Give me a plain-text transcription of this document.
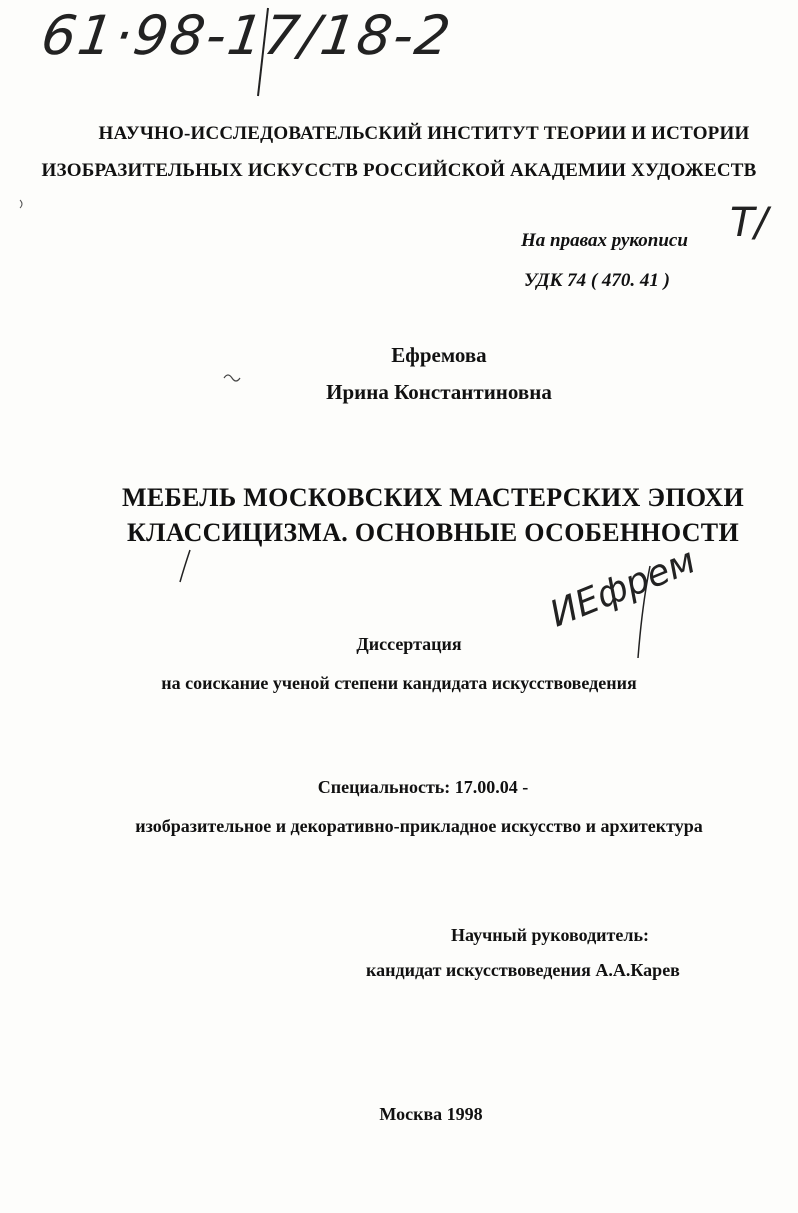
61·98-17/18-2
Т/
НАУЧНО-ИССЛЕДОВАТЕЛЬСКИЙ ИНСТИТУТ ТЕОРИИ И ИСТОРИИ
ИЗОБРАЗИТЕЛЬНЫХ ИСКУССТВ РОССИЙСКОЙ АКАДЕМИИ ХУДОЖЕСТВ
На правах рукописи
УДК 74 ( 470. 41 )
Ефремова
Ирина Константиновна
МЕБЕЛЬ МОСКОВСКИХ МАСТЕРСКИХ ЭПОХИ
КЛАССИЦИЗМА. ОСНОВНЫЕ ОСОБЕННОСТИ
ИЕфрем
Диссертация
на соискание ученой степени кандидата искусствоведения
Специальность: 17.00.04 -
изобразительное и декоративно-прикладное искусство и архитектура
Научный руководитель:
кандидат искусствоведения А.А.Карев
Москва 1998
